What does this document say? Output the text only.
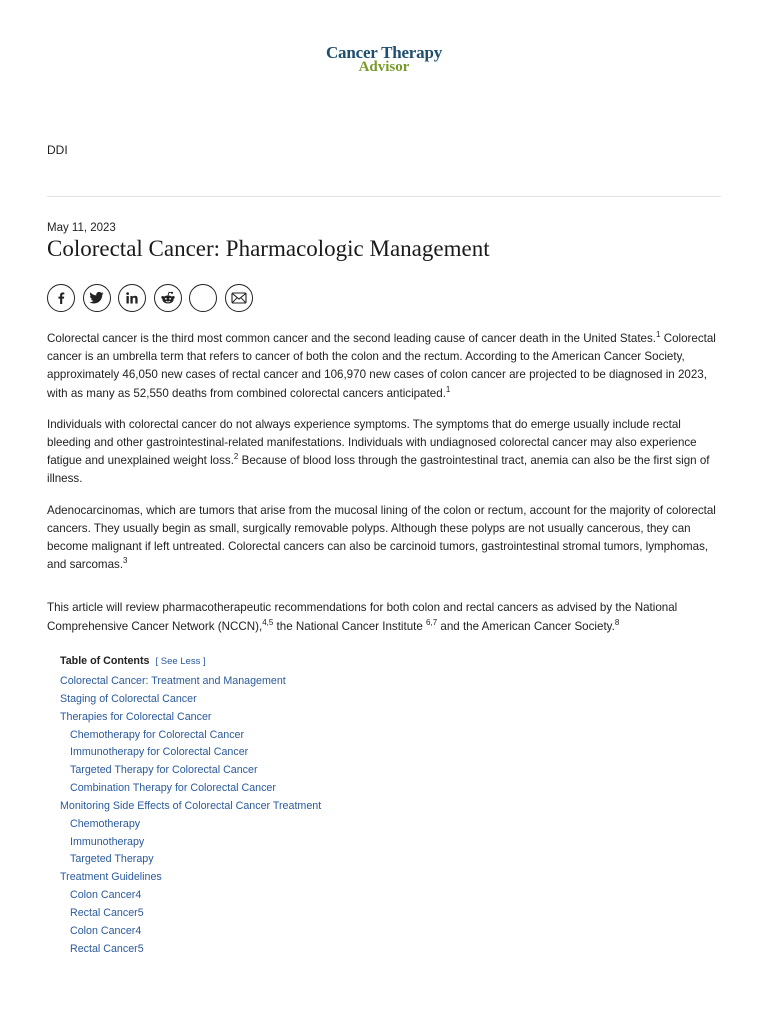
Cancer Therapy
Advisor
DDI
May 11, 2023
Colorectal Cancer: Pharmacologic Management

Colorectal cancer is the third most common cancer and the second leading cause of cancer death in the United States.$^1$ Colorectal cancer is an umbrella term that refers to cancer of both the colon and the rectum. According to the American Cancer Society, approximately 46,050 new cases of rectal cancer and 106,970 new cases of colon cancer are projected to be diagnosed in 2023, with as many as 52,550 deaths from combined colorectal cancers anticipated.$^1$

Individuals with colorectal cancer do not always experience symptoms. The symptoms that do emerge usually include rectal bleeding and other gastrointestinal-related manifestations. Individuals with undiagnosed colorectal cancer may also experience fatigue and unexplained weight loss.$^2$ Because of blood loss through the gastrointestinal tract, anemia can also be the first sign of illness.

Adenocarcinomas, which are tumors that arise from the mucosal lining of the colon or rectum, account for the majority of colorectal cancers. They usually begin as small, surgically removable polyps. Although these polyps are not usually cancerous, they can become malignant if left untreated. Colorectal cancers can also be carcinoid tumors, gastrointestinal stromal tumors, lymphomas, and sarcomas.$^3$

This article will review pharmacotherapeutic recommendations for both colon and rectal cancers as advised by the National Comprehensive Cancer Network (NCCN),$^{4,5}$ the National Cancer Institute $^{6,7}$ and the American Cancer Society.$^8$

Table of Contents [ See Less ]
Colorectal Cancer: Treatment and Management
Staging of Colorectal Cancer
Therapies for Colorectal Cancer
Chemotherapy for Colorectal Cancer
Immunotherapy for Colorectal Cancer
Targeted Therapy for Colorectal Cancer
Combination Therapy for Colorectal Cancer
Monitoring Side Effects of Colorectal Cancer Treatment
Chemotherapy
Immunotherapy
Targeted Therapy
Treatment Guidelines
Colon Cancer4
Rectal Cancer5
Colon Cancer4
Rectal Cancer5
